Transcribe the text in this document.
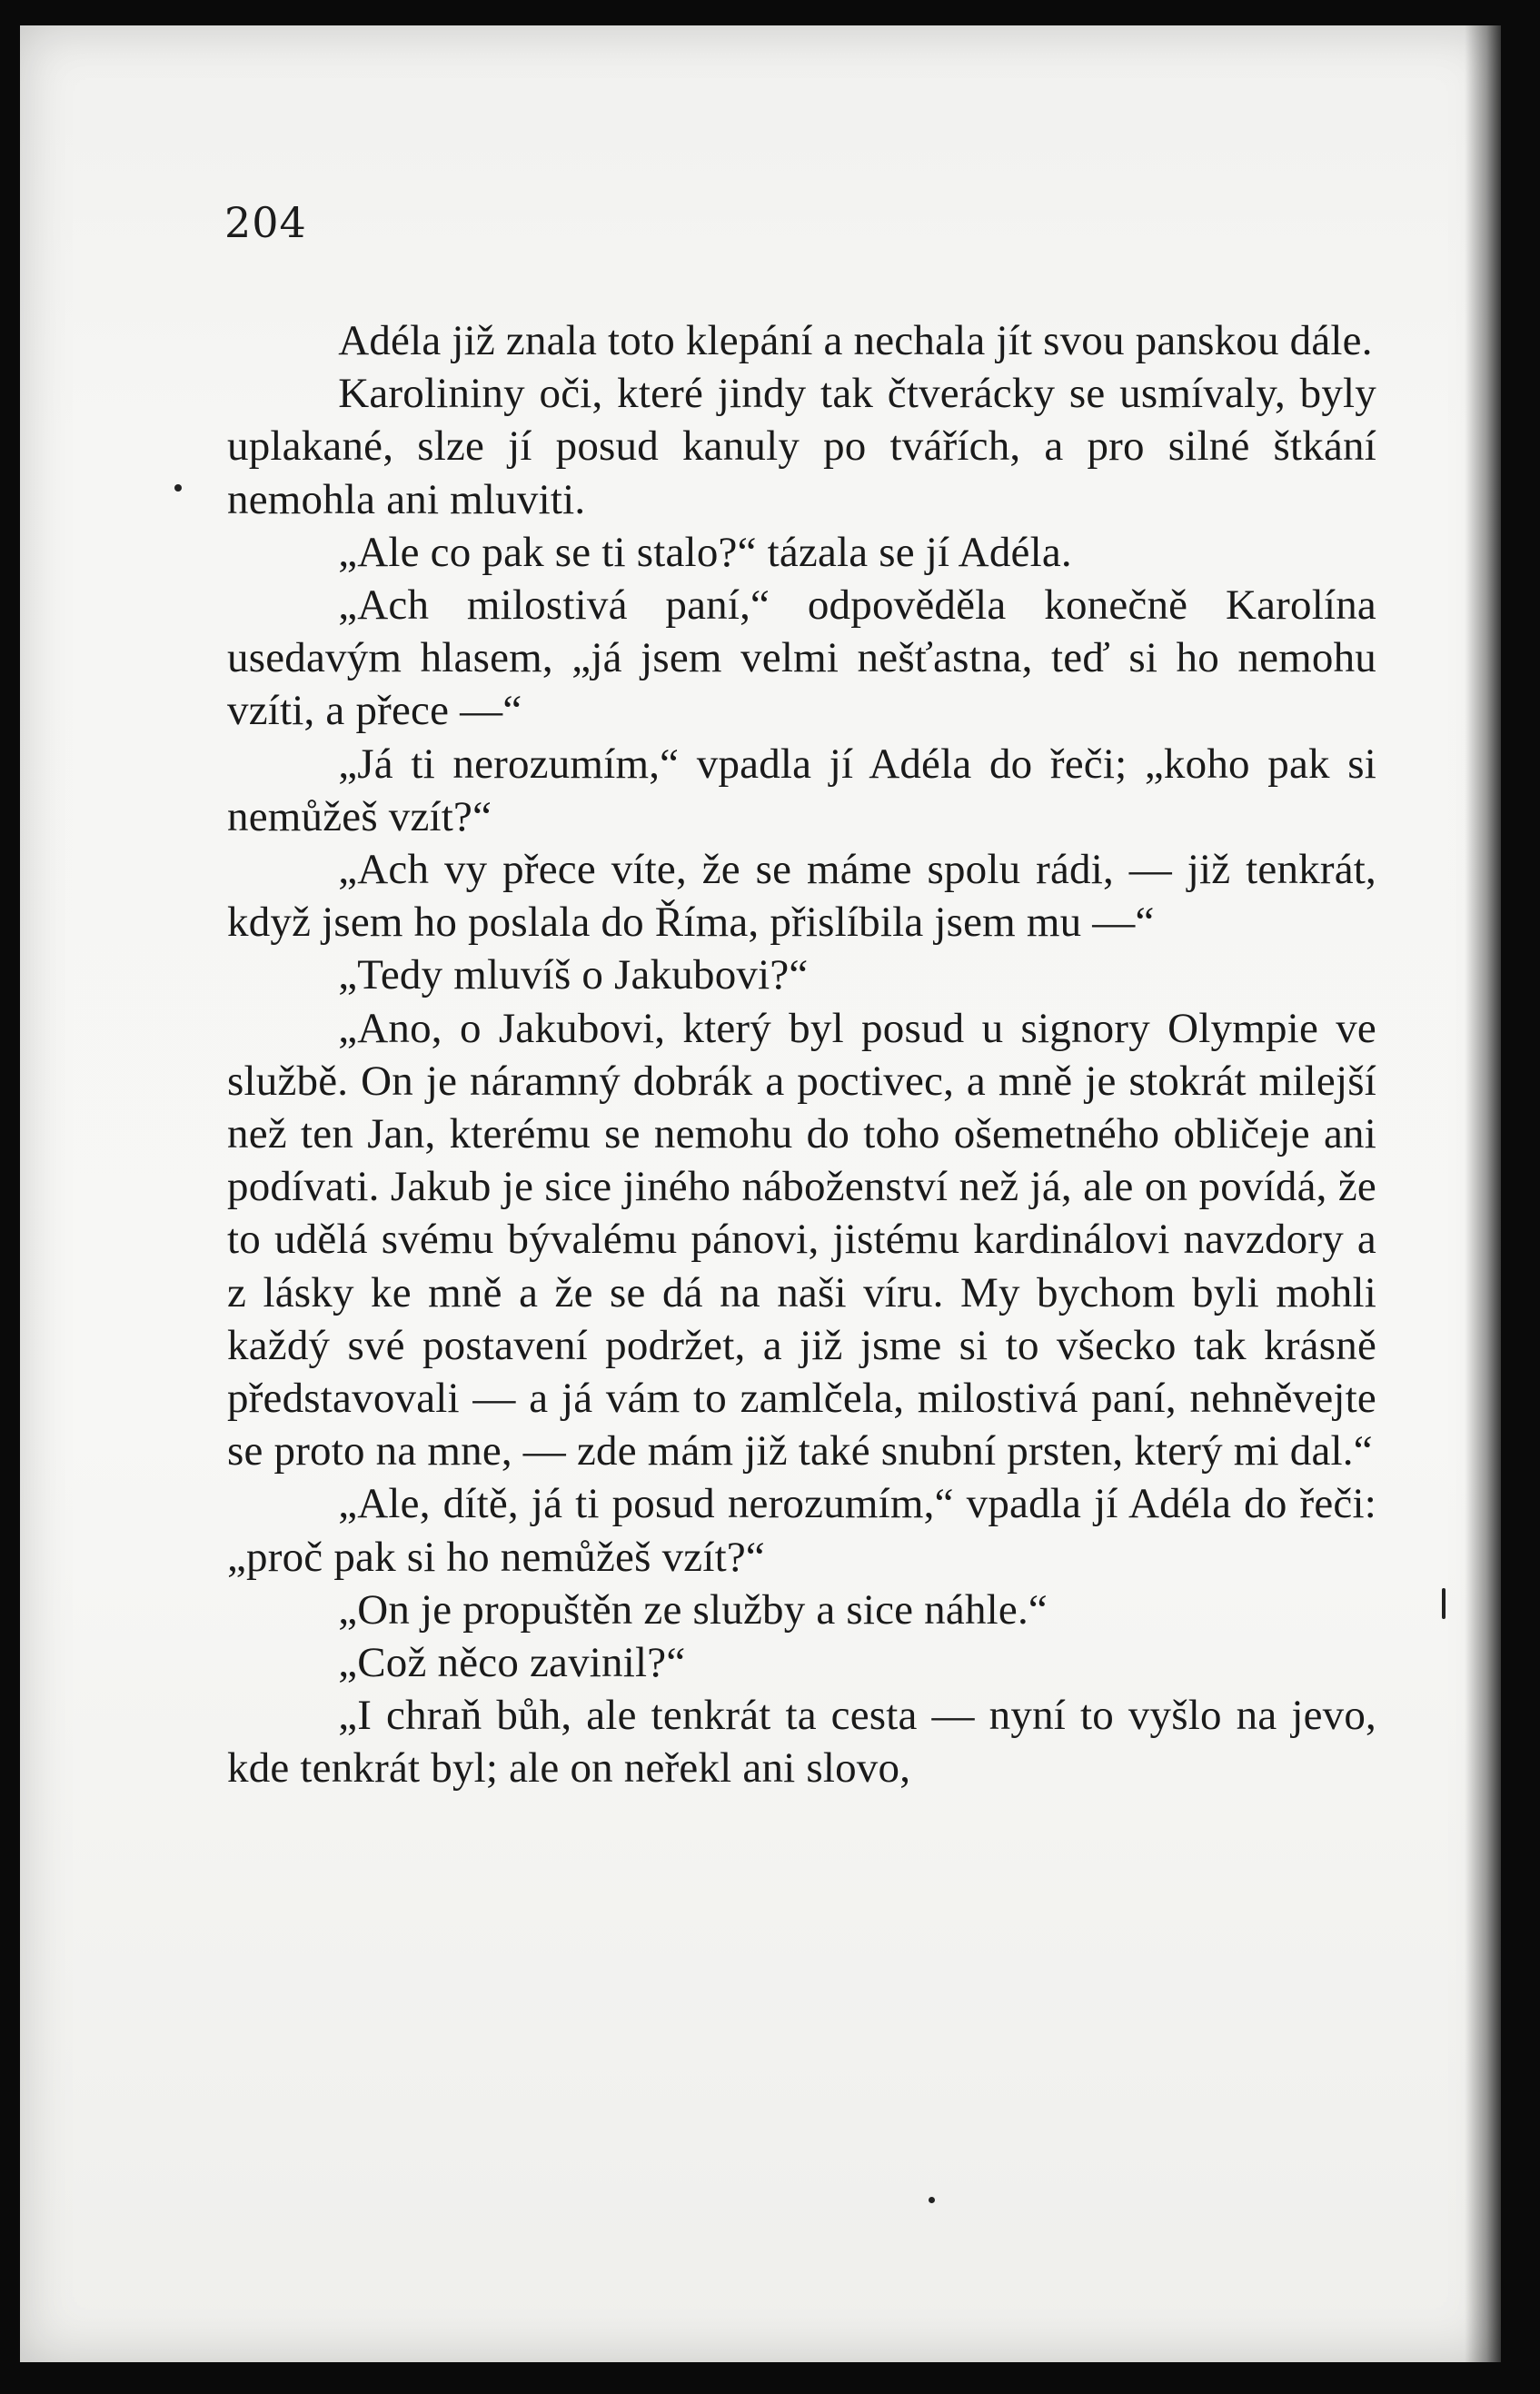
204

Adéla již znala toto klepání a nechala jít svou panskou dále.

Karolininy oči, které jindy tak čtverácky se usmívaly, byly uplakané, slze jí posud kanuly po tvářích, a pro silné štkání nemohla ani mluviti.

„Ale co pak se ti stalo?“ tázala se jí Adéla.

„Ach milostivá paní,“ odpověděla konečně Karolína usedavým hlasem, „já jsem velmi nešťastna, teď si ho nemohu vzíti, a přece —“

„Já ti nerozumím,“ vpadla jí Adéla do řeči; „koho pak si nemůžeš vzít?“

„Ach vy přece víte, že se máme spolu rádi, — již tenkrát, když jsem ho poslala do Říma, přislíbila jsem mu —“

„Tedy mluvíš o Jakubovi?“

„Ano, o Jakubovi, který byl posud u signory Olympie ve službě. On je náramný dobrák a poctivec, a mně je stokrát milejší než ten Jan, kterému se nemohu do toho ošemetného obličeje ani podívati. Jakub je sice jiného náboženství než já, ale on povídá, že to udělá svému bývalému pánovi, jistému kardinálovi navzdory a z lásky ke mně a že se dá na naši víru. My bychom byli mohli každý své postavení podržet, a již jsme si to všecko tak krásně představovali — a já vám to zamlčela, milostivá paní, nehněvejte se proto na mne, — zde mám již také snubní prsten, který mi dal.“

„Ale, dítě, já ti posud nerozumím,“ vpadla jí Adéla do řeči: „proč pak si ho nemůžeš vzít?“

„On je propuštěn ze služby a sice náhle.“

„Což něco zavinil?“

„I chraň bůh, ale tenkrát ta cesta — nyní to vyšlo na jevo, kde tenkrát byl; ale on neřekl ani slovo,
